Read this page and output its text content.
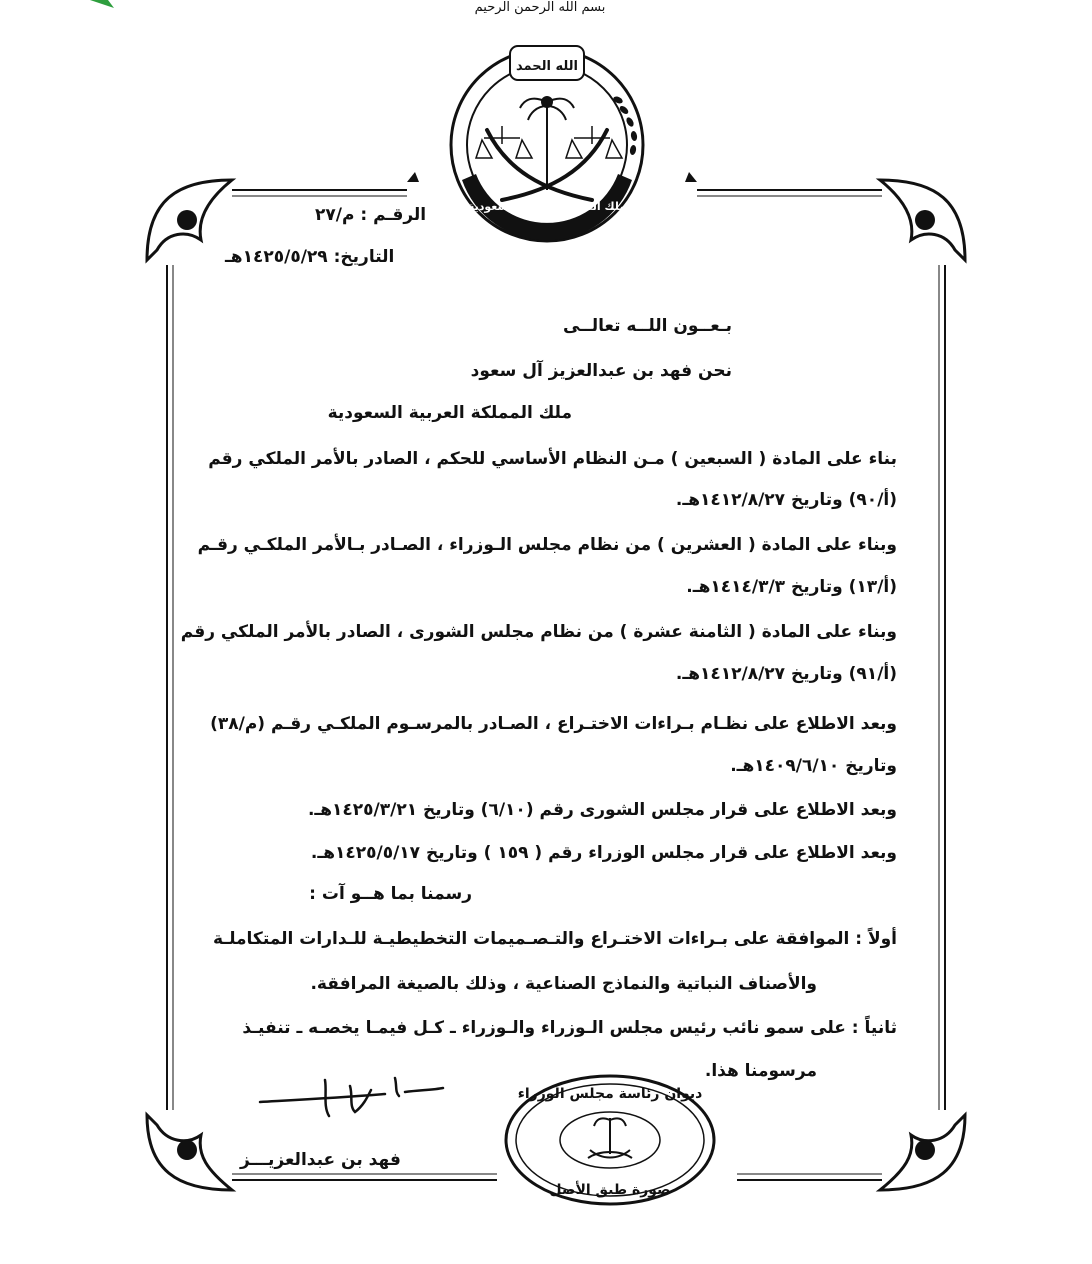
بسم الله الرحمن الرحيم
ملك المملكة العربية السعودية
الله الحمد
الرقـم : م/٢٧
التاريخ: ١٤٢٥/٥/٢٩هـ
بـعــون اللــه تعالــى
نحن فهد بن عبدالعزيز آل سعود
ملك المملكة العربية السعودية
بناء على المادة ( السبعين ) مـن النظام الأساسي للحكم ، الصادر بالأمر الملكي رقم
(أ/٩٠) وتاريخ ١٤١٢/٨/٢٧هـ.
وبناء على المادة ( العشرين ) من نظام مجلس الـوزراء ، الصـادر بـالأمر الملكـي رقـم
(أ/١٣) وتاريخ ١٤١٤/٣/٣هـ.
وبناء على المادة ( الثامنة عشرة ) من نظام مجلس الشورى ، الصادر بالأمر الملكي رقم
(أ/٩١) وتاريخ ١٤١٢/٨/٢٧هـ.
وبعد الاطلاع على نظـام بـراءات الاختـراع ، الصـادر بالمرسـوم الملكـي رقـم (م/٣٨)
وتاريخ ١٤٠٩/٦/١٠هـ.
وبعد الاطلاع على قرار مجلس الشورى رقم (٦/١٠) وتاريخ ١٤٢٥/٣/٢١هـ.
وبعد الاطلاع على قرار مجلس الوزراء رقم ( ١٥٩ ) وتاريخ ١٤٢٥/٥/١٧هـ.
رسمنا بما هــو آت :
أولاً : الموافقة على بـراءات الاختـراع والتـصـميمات التخطيطيـة للـدارات المتكاملـة
والأصناف النباتية والنماذج الصناعية ، وذلك بالصيغة المرافقة.
ثانياً : على سمو نائب رئيس مجلس الـوزراء والـوزراء ـ كـل فيمـا يخصـه ـ تنفيـذ
مرسومنا هذا.
فهد بن عبدالعزيـــز
ديوان رئاسة مجلس الوزراء
صورة طبق الأصل
